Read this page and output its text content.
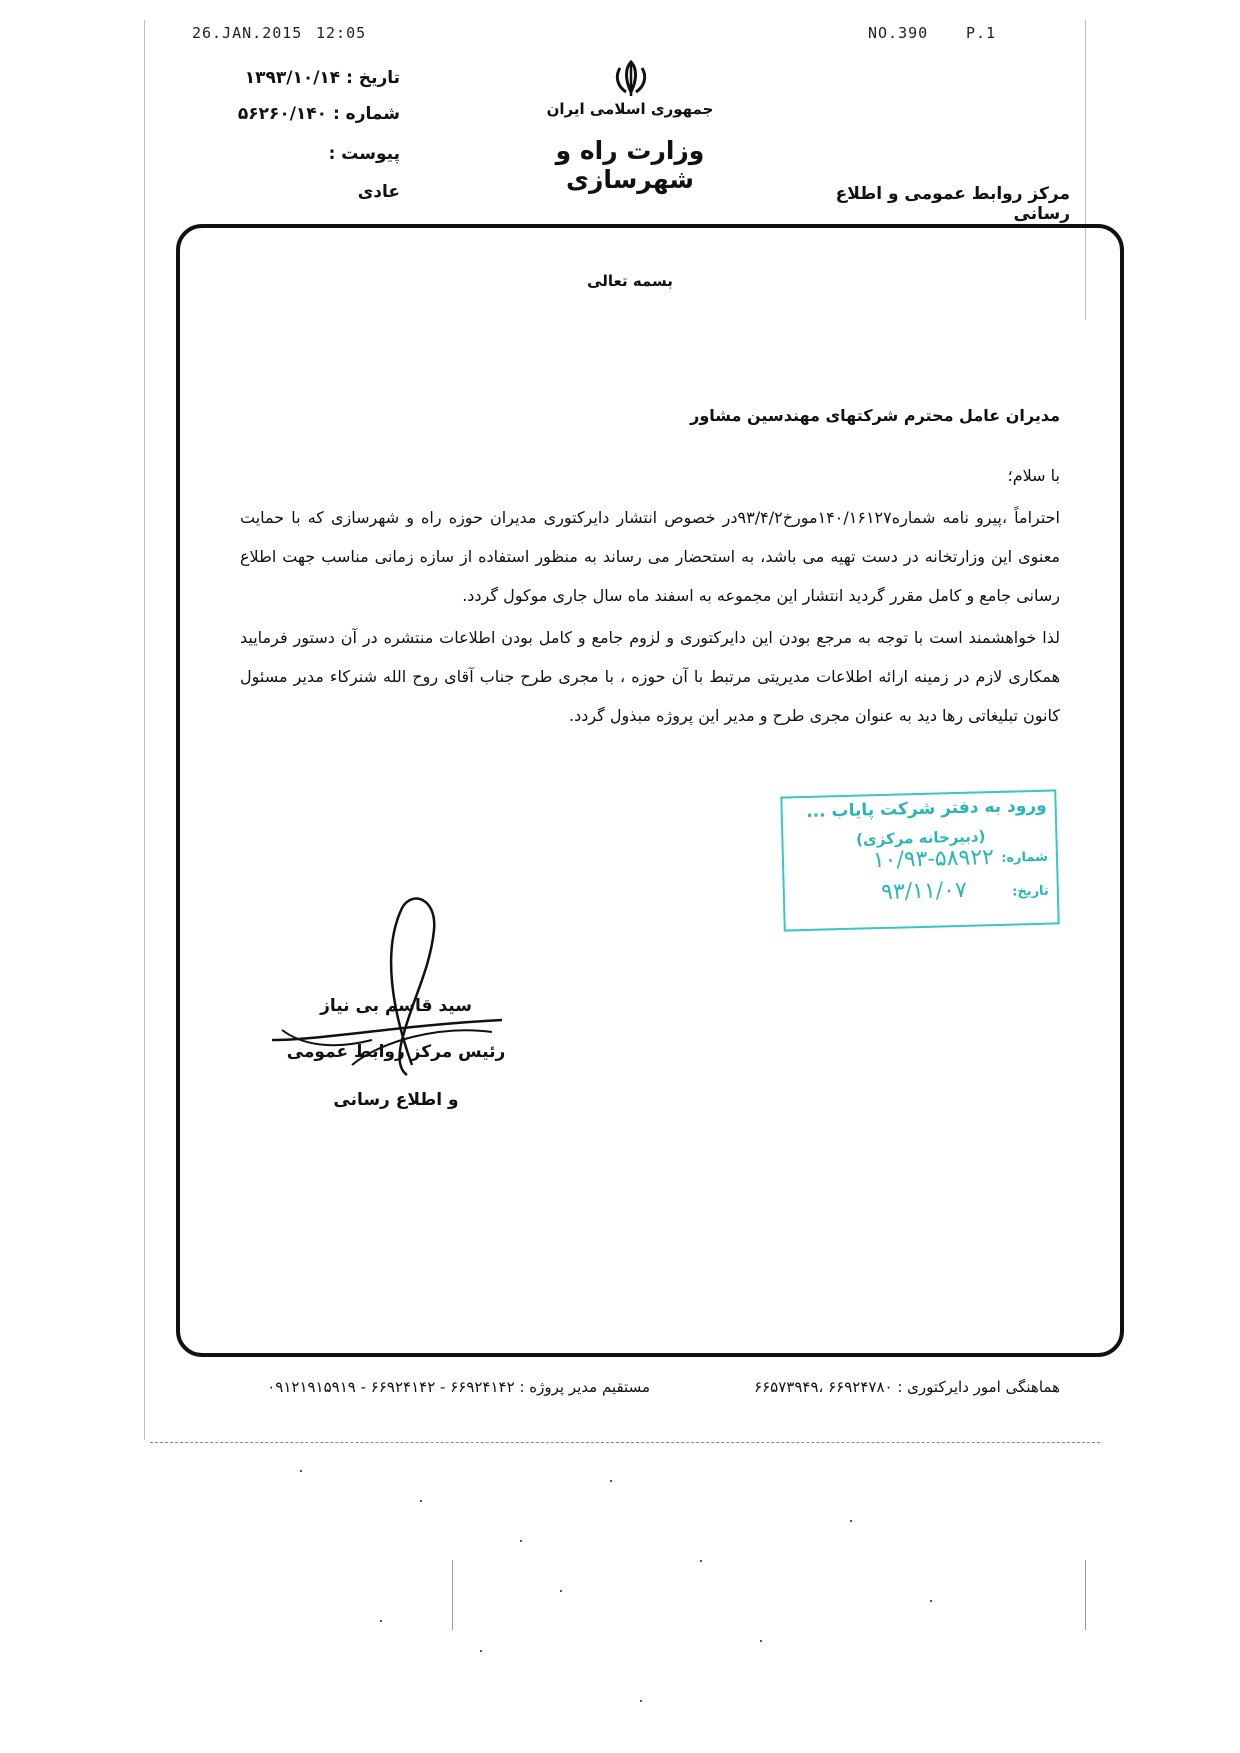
26.JAN.2015 12:05	NO.390	P.1
جمهوری اسلامی ایران
وزارت راه و شهرسازی	مرکز روابط عمومی و اطلاع رسانی
تاریخ : ۱۳۹۳/۱۰/۱۴
شماره : ۵۶۲۶۰/۱۴۰
پیوست :
عادی
بسمه تعالی
مدیران عامل محترم شرکتهای مهندسین مشاور
با سلام؛
احتراماً ،پیرو نامه شماره۱۴۰/۱۶۱۲۷مورخ۹۳/۴/۲در خصوص انتشار دایرکتوری مدیران حوزه راه و شهرسازی که با حمایت معنوی این وزارتخانه در دست تهیه می باشد، به استحضار می رساند به منظور استفاده از سازه زمانی مناسب جهت اطلاع رسانی جامع و کامل مقرر گردید انتشار این مجموعه به اسفند ماه سال جاری موکول گردد.
لذا خواهشمند است با توجه به مرجع بودن این دایرکتوری و لزوم جامع و کامل بودن اطلاعات منتشره در آن دستور فرمایید همکاری لازم در زمینه ارائه اطلاعات مدیریتی مرتبط با آن حوزه ، با مجری طرح جناب آقای روح الله شنرکاء مدیر مسئول کانون تبلیغاتی رها دید به عنوان مجری طرح و مدیر این پروژه مبذول گردد.
ورود به دفتر شرکت پایاب ...
(دبیرخانه مرکزی)
شماره:
۱۰/۹۳-۵۸۹۲۲
تاریخ:
۹۳/۱۱/۰۷
سید قاسم بی نیاز
رئیس مرکز روابط عمومی
و اطلاع رسانی
هماهنگی امور دایرکتوری : ۶۶۹۲۴۷۸۰ ،۶۶۵۷۳۹۴۹
مستقیم مدیر پروژه : ۶۶۹۲۴۱۴۲ - ۶۶۹۲۴۱۴۲ - ۰۹۱۲۱۹۱۵۹۱۹
